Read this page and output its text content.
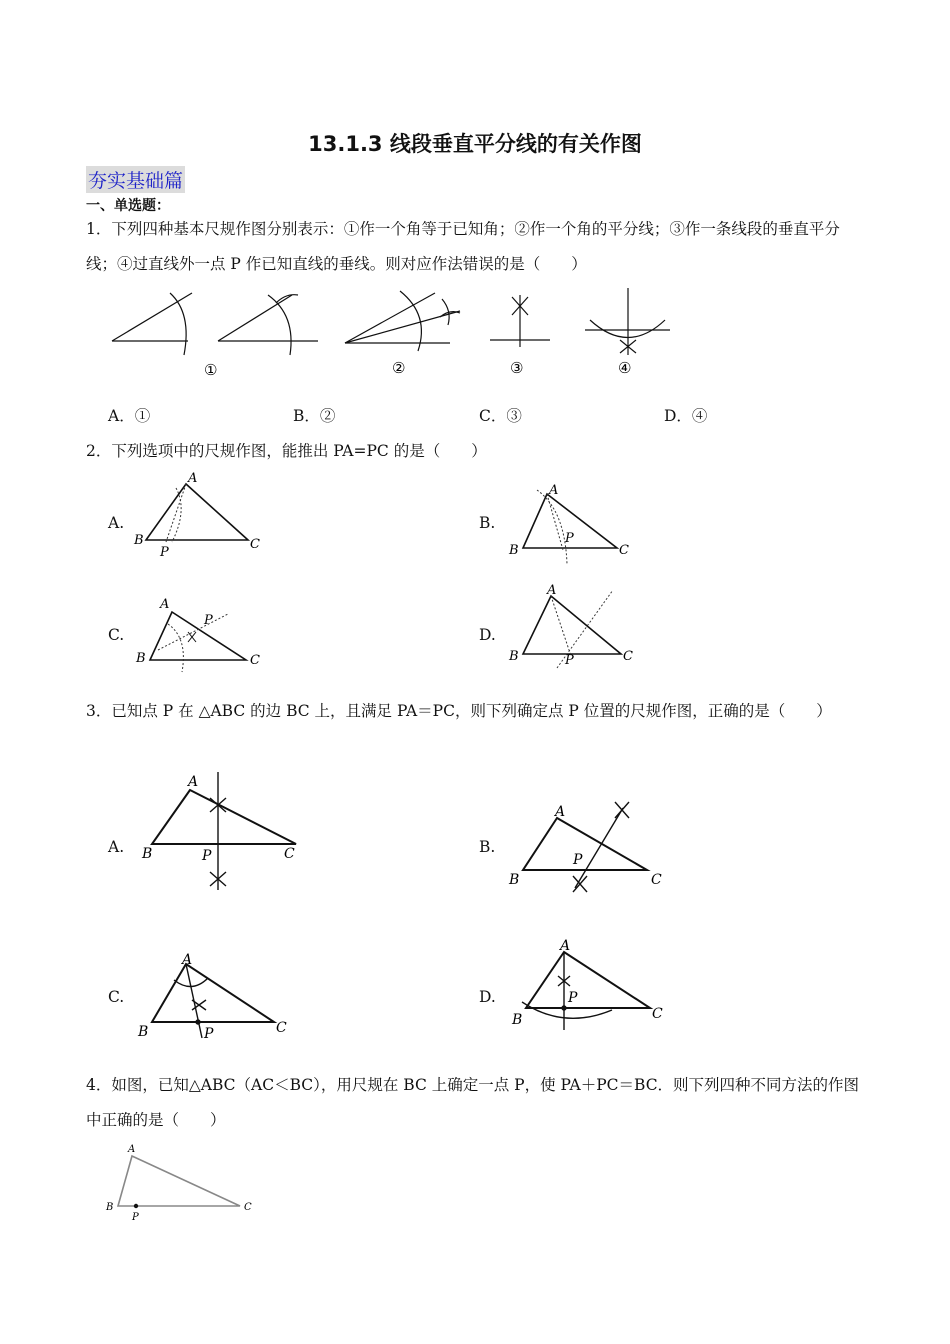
13.1.3 线段垂直平分线的有关作图
夯实基础篇
一、单选题：
1．下列四种基本尺规作图分别表示：①作一个角等于已知角；②作一个角的平分线；③作一条线段的垂直平分线；④过直线外一点 P 作已知直线的垂线。则对应作法错误的是（　　）
①	②	③	④
A．①	B．②	C．③	D．④
2．下列选项中的尺规作图，能推出 PA=PC 的是（　　）
A.
A
B	C
P
B.
A
B	C
P
C.
A
B	C
P
D.
A
B	C
P
3．已知点 P 在 △ABC 的边 BC 上，且满足 PA＝PC，则下列确定点 P 位置的尺规作图，正确的是（　　）
A.
A
B	C
P	B.
A
B	C
P
C.
A
B	C
P
D.
A
B	C
P
4．如图，已知△ABC（AC＜BC），用尺规在 BC 上确定一点 P，使 PA＋PC＝BC．则下列四种不同方法的作图中正确的是（　　）
A
B	C
P
